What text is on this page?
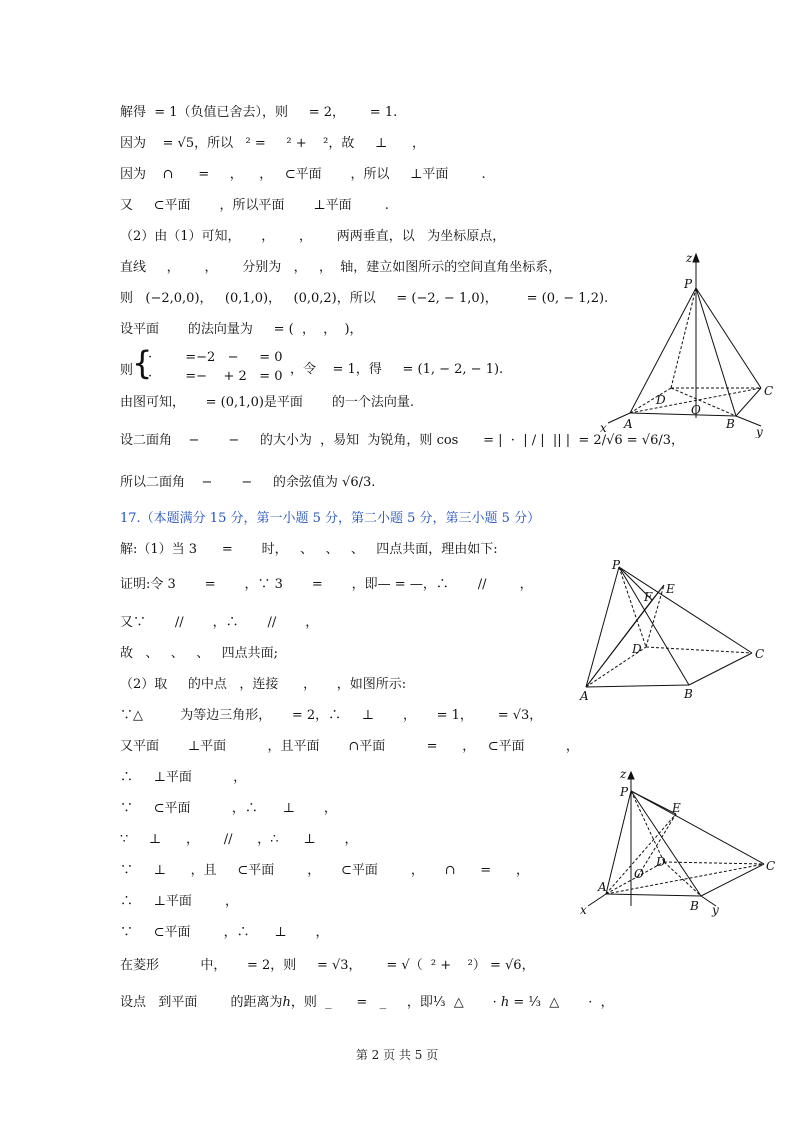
解得  = 1（负值已舍去），则     = 2，      = 1.
因为    = √5，所以   ² =     ² +    ²，故     ⊥      ，
因为    ∩      =     ，    ，   ⊂平面       ，所以     ⊥平面        .
又     ⊂平面       ，所以平面       ⊥平面        .
（2）由（1）可知，     ，      ，      两两垂直，以   为坐标原点，
直线     ，      ，      分别为   ，   ，  轴，建立如图所示的空间直角坐标系，
则   (−2,0,0)，   (0,1,0)，   (0,0,2)，所以     = (−2, − 1,0)，       = (0, − 1,2).
设平面       的法向量为     = (  ，  ，  )，
则
{
·        =−2   −     = 0
·        =−    + 2   = 0 ，令    = 1，得     = (1, − 2, − 1).
由图可知，     = (0,1,0)是平面       的一个法向量.
设二面角    −       −     的大小为  ，易知  为锐角，则 cos      = |  ·  | / |  || |  = 2/√6 = √6/3，
所以二面角    −       −     的余弦值为 √6/3.
17.（本题满分 15 分，第一小题 5 分，第二小题 5 分，第三小题 5 分）
解:（1）当 3      =       时，   、   、   、   四点共面，理由如下:
证明:令 3       =       ，∵ 3       =       ，即— = —，∴       //        ，
又∵       //       ，∴       //       ，
故   、   、   、   四点共面;
（2）取     的中点   ，连接      ，     ，如图所示:
∵△         为等边三角形，     = 2，∴     ⊥       ，     = 1，      = √3，
又平面       ⊥平面          ，且平面       ∩平面          =      ，   ⊂平面          ，
∴     ⊥平面          ，
∵     ⊂平面          ，∴      ⊥       ，
∵     ⊥      ，      //      ，∴      ⊥       ，
∵     ⊥      ，且     ⊂平面        ，     ⊂平面        ，     ∩      =      ，
∴     ⊥平面        ，
∵     ⊂平面        ，∴      ⊥       ，
在菱形          中，     = 2，则     = √3，      = √（  ² +    ²） = √6，
设点   到平面        的距离为ℎ，则  _      =   _     ，即⅓  △       · ℎ = ⅓  △       ·  ，
z
P
D
O
C
A	B
x	y
P
E
F
D	C
A	B
z
P
E
D
O
C
A
B
x	y
第 2 页 共 5 页
